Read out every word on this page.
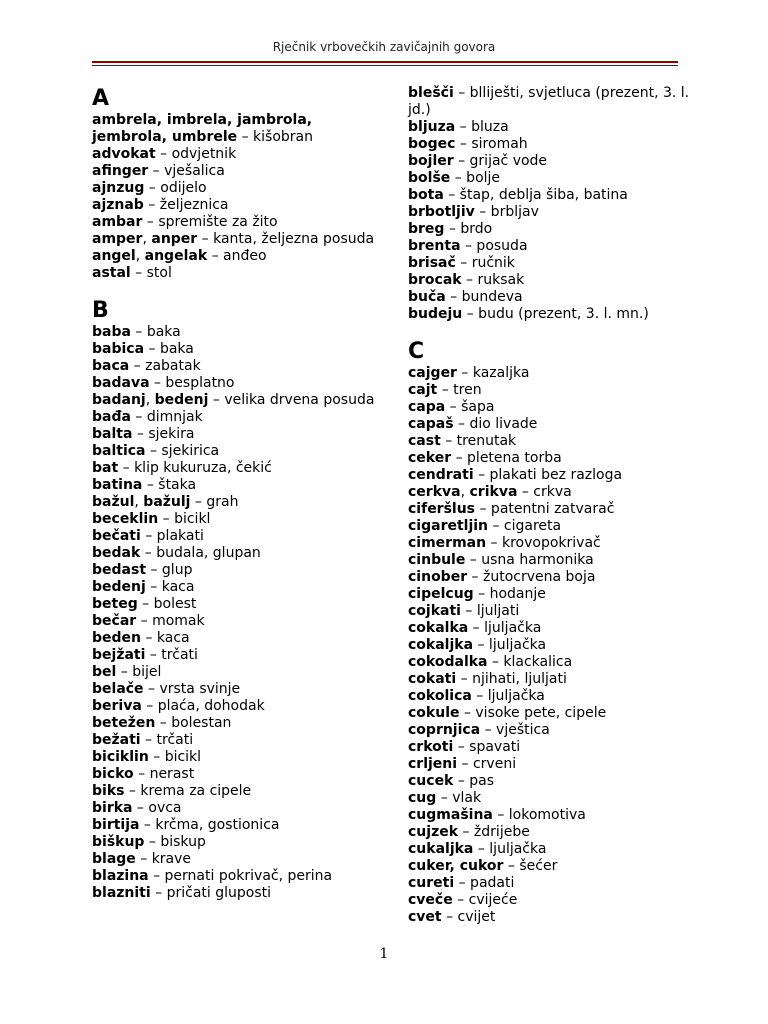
Rječnik vrbovečkih zavičajnih govora
A
ambrela, imbrela, jambrola, jembrola, umbrele – kišobran
advokat – odvjetnik
afinger – vješalica
ajnzug – odijelo
ajznab – željeznica
ambar – spremište za žito
amper, anper – kanta, željezna posuda
angel, angelak – anđeo
astal – stol
B
baba – baka
babica – baka
baca – zabatak
badava – besplatno
badanj, bedenj – velika drvena posuda
bađa – dimnjak
balta – sjekira
baltica – sjekirica
bat – klip kukuruza, čekić
batina – štaka
bažul, bažulj – grah
beceklin – bicikl
bečati – plakati
bedak – budala, glupan
bedast – glup
bedenj – kaca
beteg – bolest
bečar – momak
beden – kaca
bejžati – trčati
bel – bijel
belače – vrsta svinje
beriva – plaća, dohodak
betežen – bolestan
bežati – trčati
biciklin – bicikl
bicko – nerast
biks – krema za cipele
birka – ovca
birtija – krčma, gostionica
biškup – biskup
blage – krave
blazina – pernati pokrivač, perina
blazniti – pričati gluposti
blešči – blliješti, svjetluca (prezent, 3. l. jd.)
bljuza – bluza
bogec – siromah
bojler – grijač vode
bolše – bolje
bota – štap, deblja šiba, batina
brbotljiv – brbljav
breg – brdo
brenta – posuda
brisač – ručnik
brocak – ruksak
buča – bundeva
budeju – budu (prezent, 3. l. mn.)
C
cajger – kazaljka
cajt – tren
capa – šapa
capaš – dio livade
cast – trenutak
ceker – pletena torba
cendrati – plakati bez razloga
cerkva, crikva – crkva
ciferšlus – patentni zatvarač
cigaretljin – cigareta
cimerman – krovopokrivač
cinbule – usna harmonika
cinober – žutocrvena boja
cipelcug – hodanje
cojkati – ljuljati
cokalka – ljuljačka
cokaljka – ljuljačka
cokodalka – klackalica
cokati – njihati, ljuljati
cokolica – ljuljačka
cokule – visoke pete, cipele
coprnjica – vještica
crkoti – spavati
crljeni – crveni
cucek – pas
cug – vlak
cugmašina – lokomotiva
cujzek – ždrijebe
cukaljka – ljuljačka
cuker, cukor – šećer
cureti – padati
cveče – cvijeće
cvet – cvijet
1
